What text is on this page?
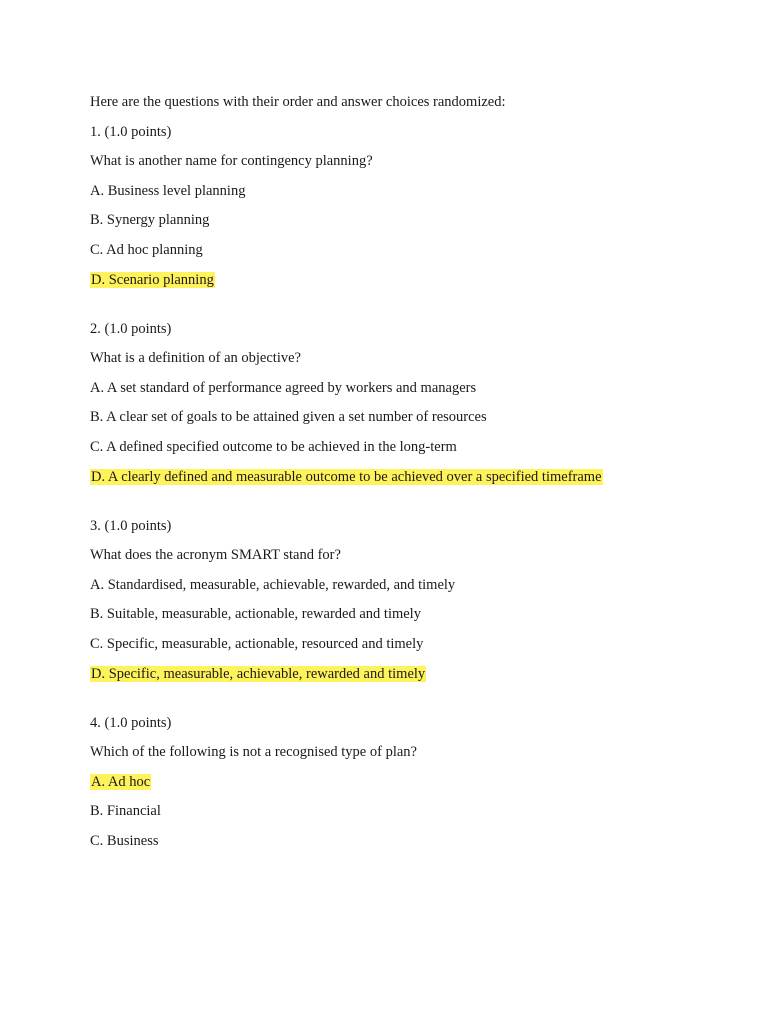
Here are the questions with their order and answer choices randomized:
1. (1.0 points)
What is another name for contingency planning?
A. Business level planning
B. Synergy planning
C. Ad hoc planning
D. Scenario planning
2. (1.0 points)
What is a definition of an objective?
A. A set standard of performance agreed by workers and managers
B. A clear set of goals to be attained given a set number of resources
C. A defined specified outcome to be achieved in the long-term
D. A clearly defined and measurable outcome to be achieved over a specified timeframe
3. (1.0 points)
What does the acronym SMART stand for?
A. Standardised, measurable, achievable, rewarded, and timely
B. Suitable, measurable, actionable, rewarded and timely
C. Specific, measurable, actionable, resourced and timely
D. Specific, measurable, achievable, rewarded and timely
4. (1.0 points)
Which of the following is not a recognised type of plan?
A. Ad hoc
B. Financial
C. Business
